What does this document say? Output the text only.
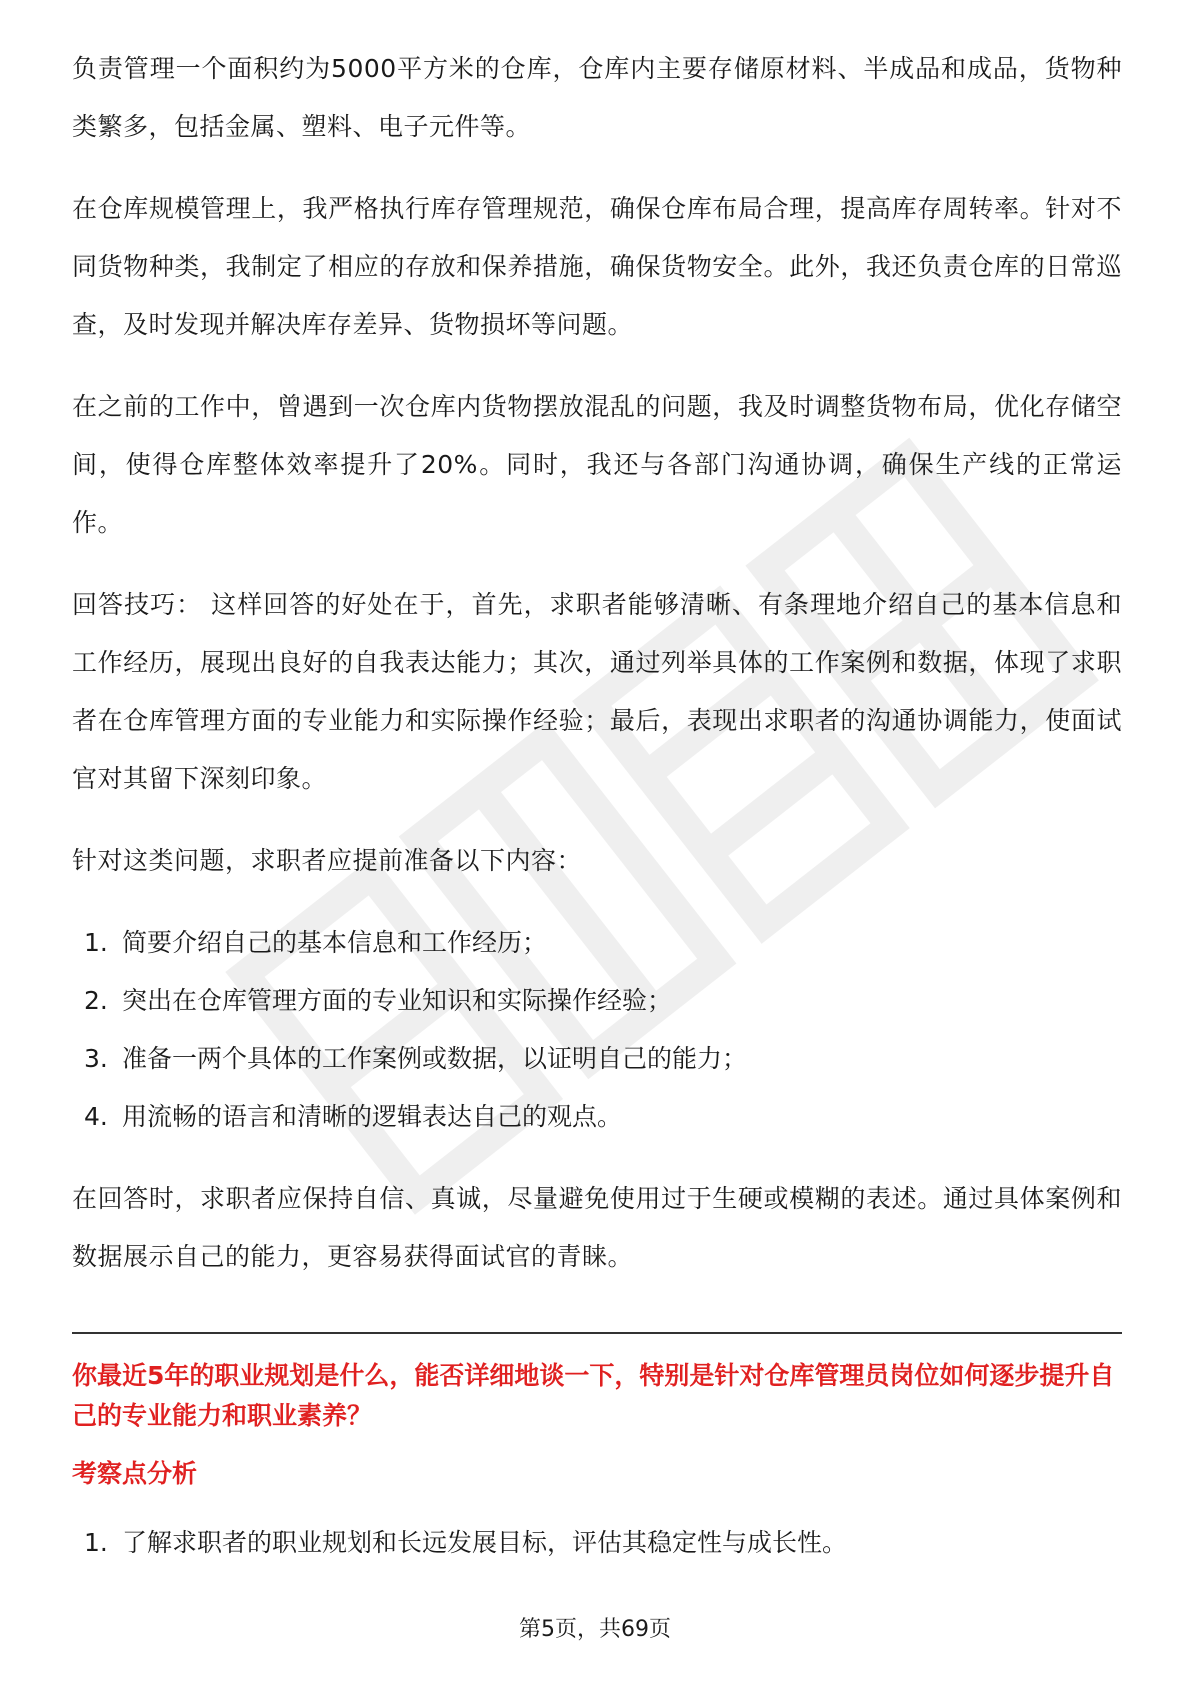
负责管理一个面积约为5000平方米的仓库，仓库内主要存储原材料、半成品和成品，货物种类繁多，包括金属、塑料、电子元件等。

在仓库规模管理上，我严格执行库存管理规范，确保仓库布局合理，提高库存周转率。针对不同货物种类，我制定了相应的存放和保养措施，确保货物安全。此外，我还负责仓库的日常巡查，及时发现并解决库存差异、货物损坏等问题。

在之前的工作中，曾遇到一次仓库内货物摆放混乱的问题，我及时调整货物布局，优化存储空间，使得仓库整体效率提升了20%。同时，我还与各部门沟通协调，确保生产线的正常运作。

回答技巧： 这样回答的好处在于，首先，求职者能够清晰、有条理地介绍自己的基本信息和工作经历，展现出良好的自我表达能力；其次，通过列举具体的工作案例和数据，体现了求职者在仓库管理方面的专业能力和实际操作经验；最后，表现出求职者的沟通协调能力，使面试官对其留下深刻印象。

针对这类问题，求职者应提前准备以下内容：

1. 简要介绍自己的基本信息和工作经历；
2. 突出在仓库管理方面的专业知识和实际操作经验；
3. 准备一两个具体的工作案例或数据，以证明自己的能力；
4. 用流畅的语言和清晰的逻辑表达自己的观点。

在回答时，求职者应保持自信、真诚，尽量避免使用过于生硬或模糊的表述。通过具体案例和数据展示自己的能力，更容易获得面试官的青睐。

你最近5年的职业规划是什么，能否详细地谈一下，特别是针对仓库管理员岗位如何逐步提升自己的专业能力和职业素养？

考察点分析

1. 了解求职者的职业规划和长远发展目标，评估其稳定性与成长性。
第5页，共69页
